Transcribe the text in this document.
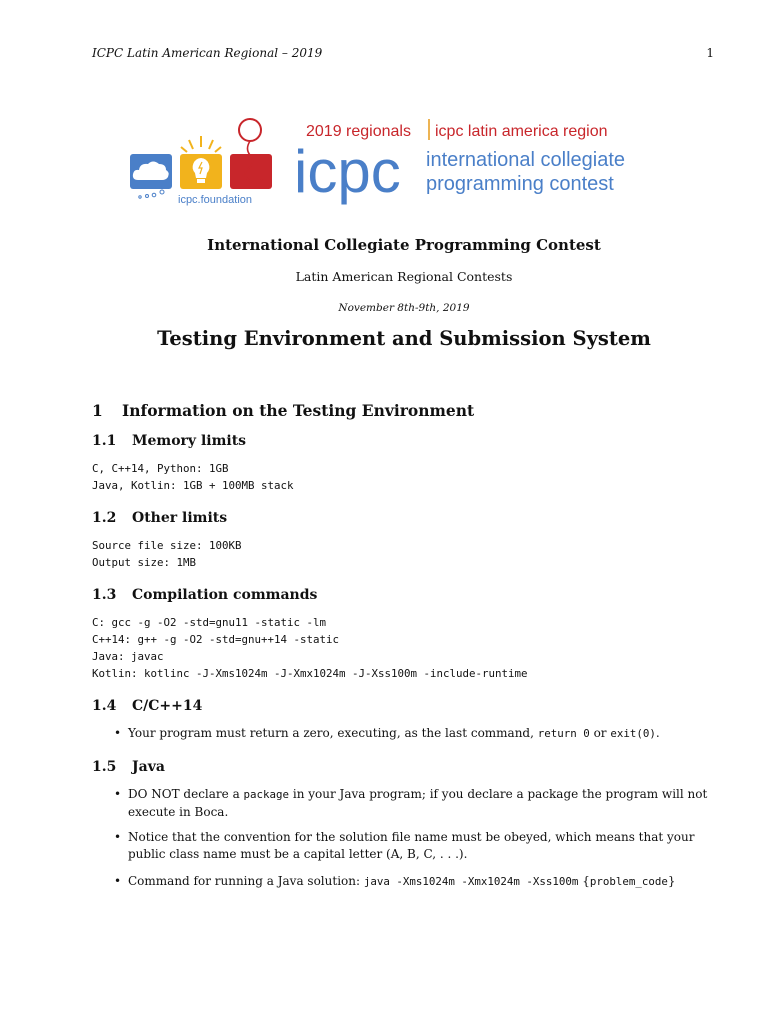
ICPC Latin American Regional – 2019	1
icpc.foundation
2019 regionals icpc latin america region
icpc international collegiate
programming contest
International Collegiate Programming Contest
Latin American Regional Contests
November 8th-9th, 2019
Testing Environment and Submission System
1 Information on the Testing Environment
1.1 Memory limits
C, C++14, Python: 1GB
Java, Kotlin: 1GB + 100MB stack
1.2 Other limits
Source file size: 100KB
Output size: 1MB
1.3 Compilation commands
C: gcc -g -O2 -std=gnu11 -static -lm
C++14: g++ -g -O2 -std=gnu++14 -static
Java: javac
Kotlin: kotlinc -J-Xms1024m -J-Xmx1024m -J-Xss100m -include-runtime
1.4 C/C++14
• Your program must return a zero, executing, as the last command, return 0 or exit(0).
1.5 Java
• DO NOT declare a package in your Java program; if you declare a package the program will not execute in Boca.
• Notice that the convention for the solution file name must be obeyed, which means that your public class name must be a capital letter (A, B, C, . . .).
• Command for running a Java solution: java -Xms1024m -Xmx1024m -Xss100m {problem_code}
